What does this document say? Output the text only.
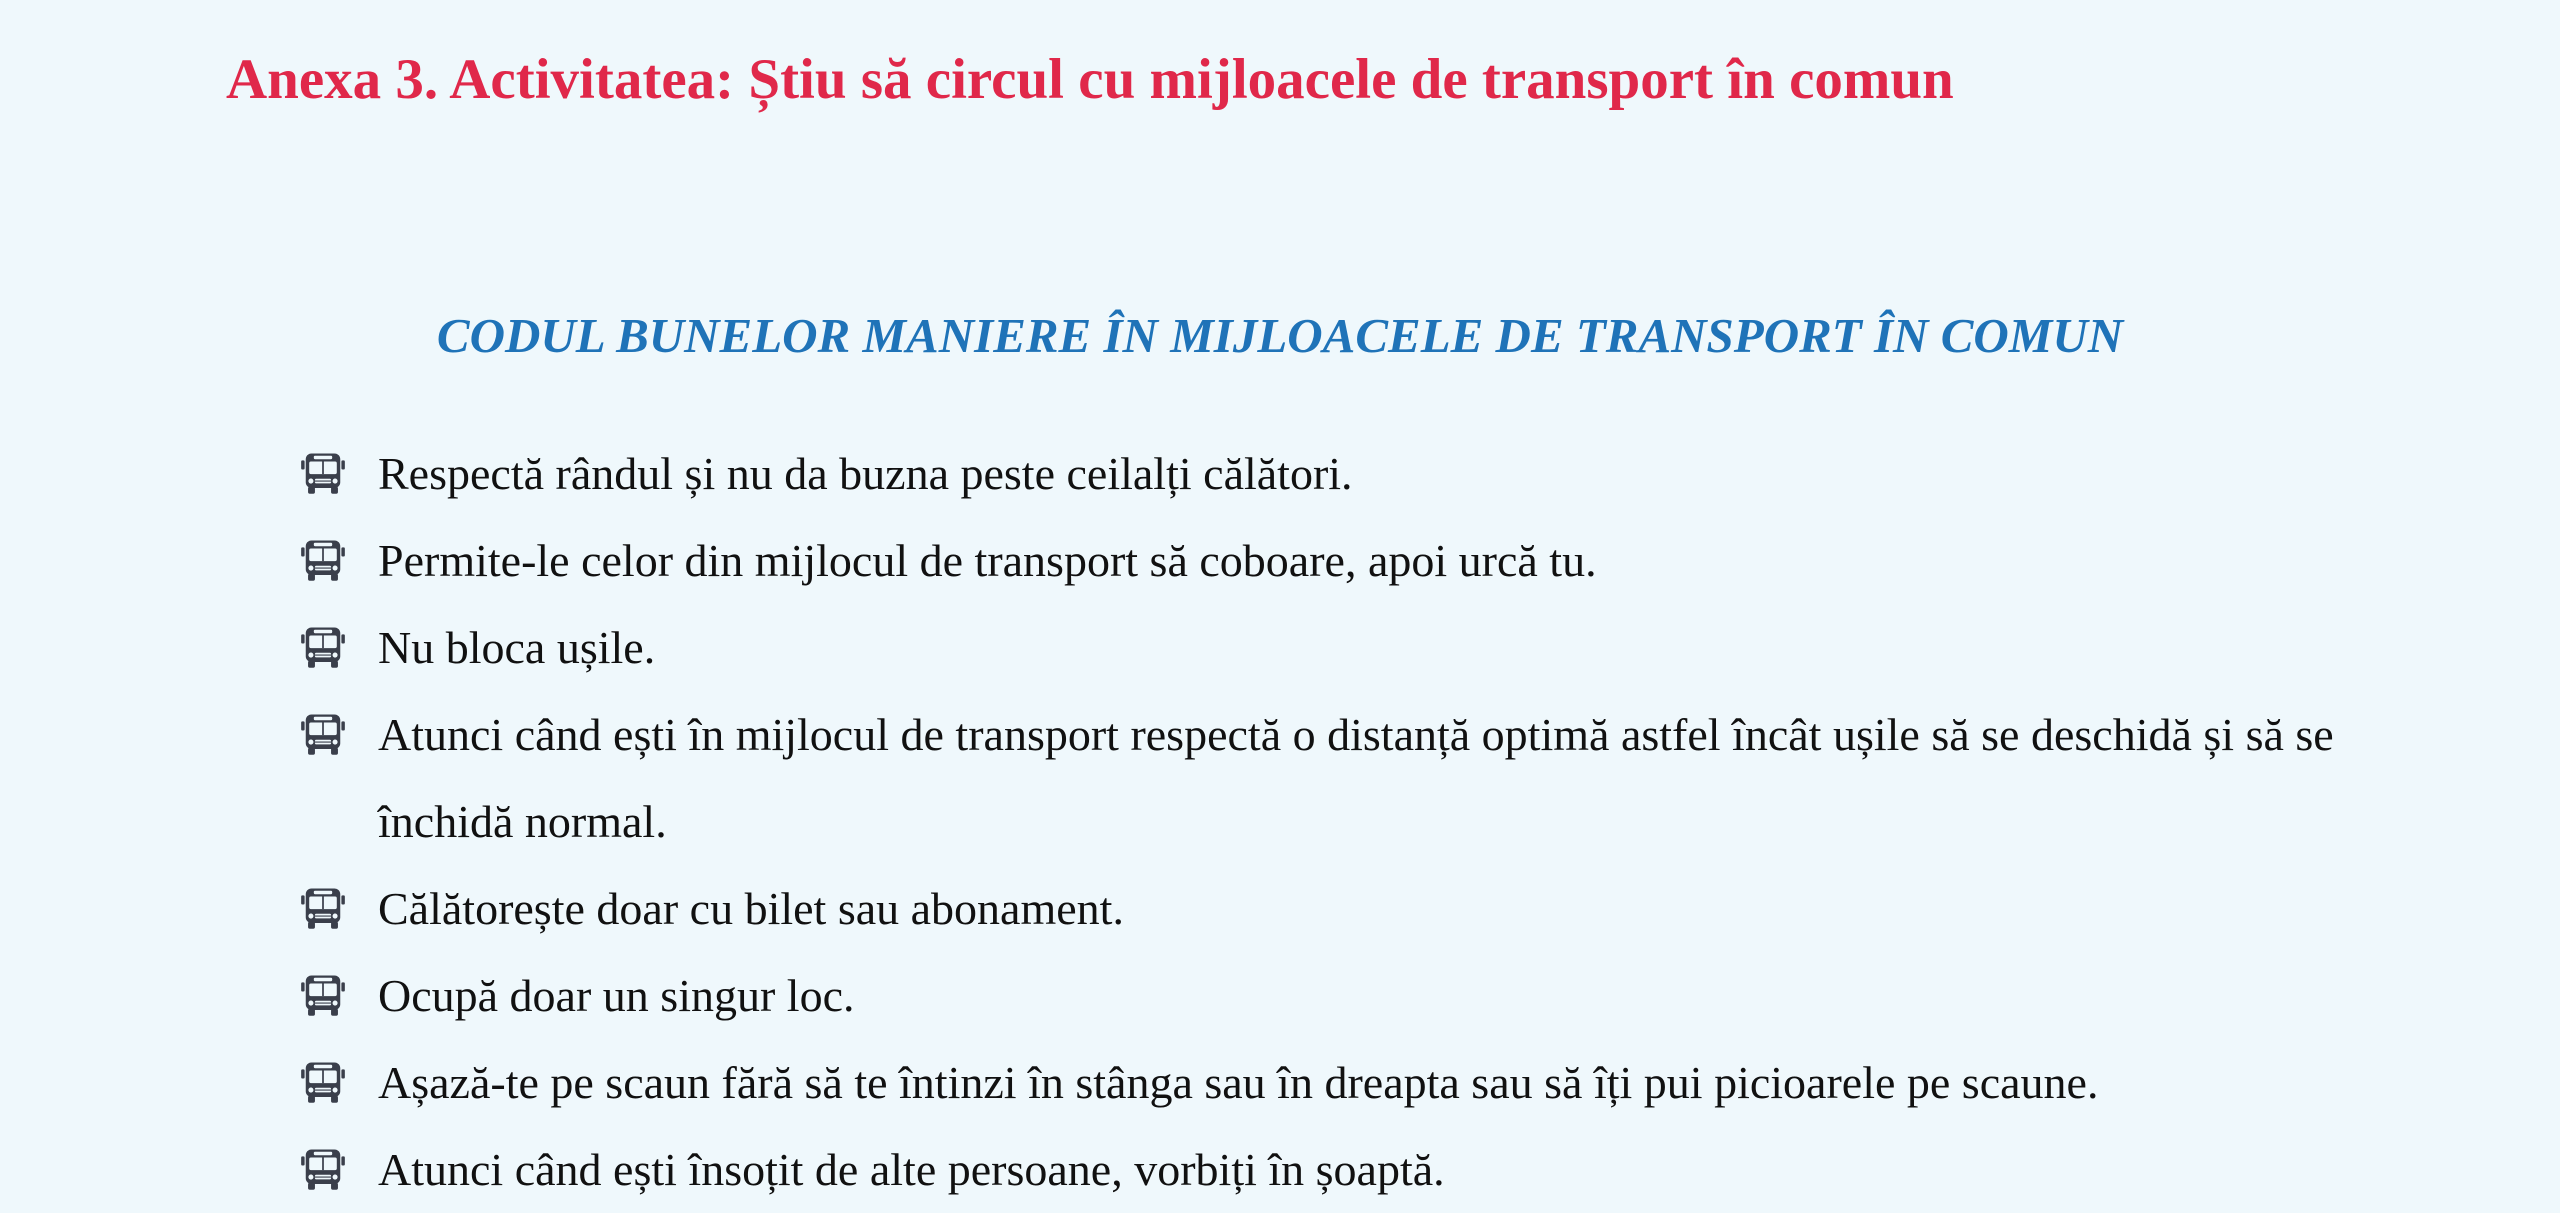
Anexa 3. Activitatea: Știu să circul cu mijloacele de transport în comun
CODUL BUNELOR MANIERE ÎN MIJLOACELE DE TRANSPORT ÎN COMUN
Respectă rândul și nu da buzna peste ceilalți călători.
Permite-le celor din mijlocul de transport să coboare, apoi urcă tu.
Nu bloca ușile.
Atunci când ești în mijlocul de transport respectă o distanță optimă astfel încât ușile să se deschidă și să se închidă normal.
Călătorește doar cu bilet sau abonament.
Ocupă doar un singur loc.
Așază-te pe scaun fără să te întinzi în stânga sau în dreapta sau să îți pui picioarele pe scaune.
Atunci când ești însoțit de alte persoane, vorbiți în șoaptă.
